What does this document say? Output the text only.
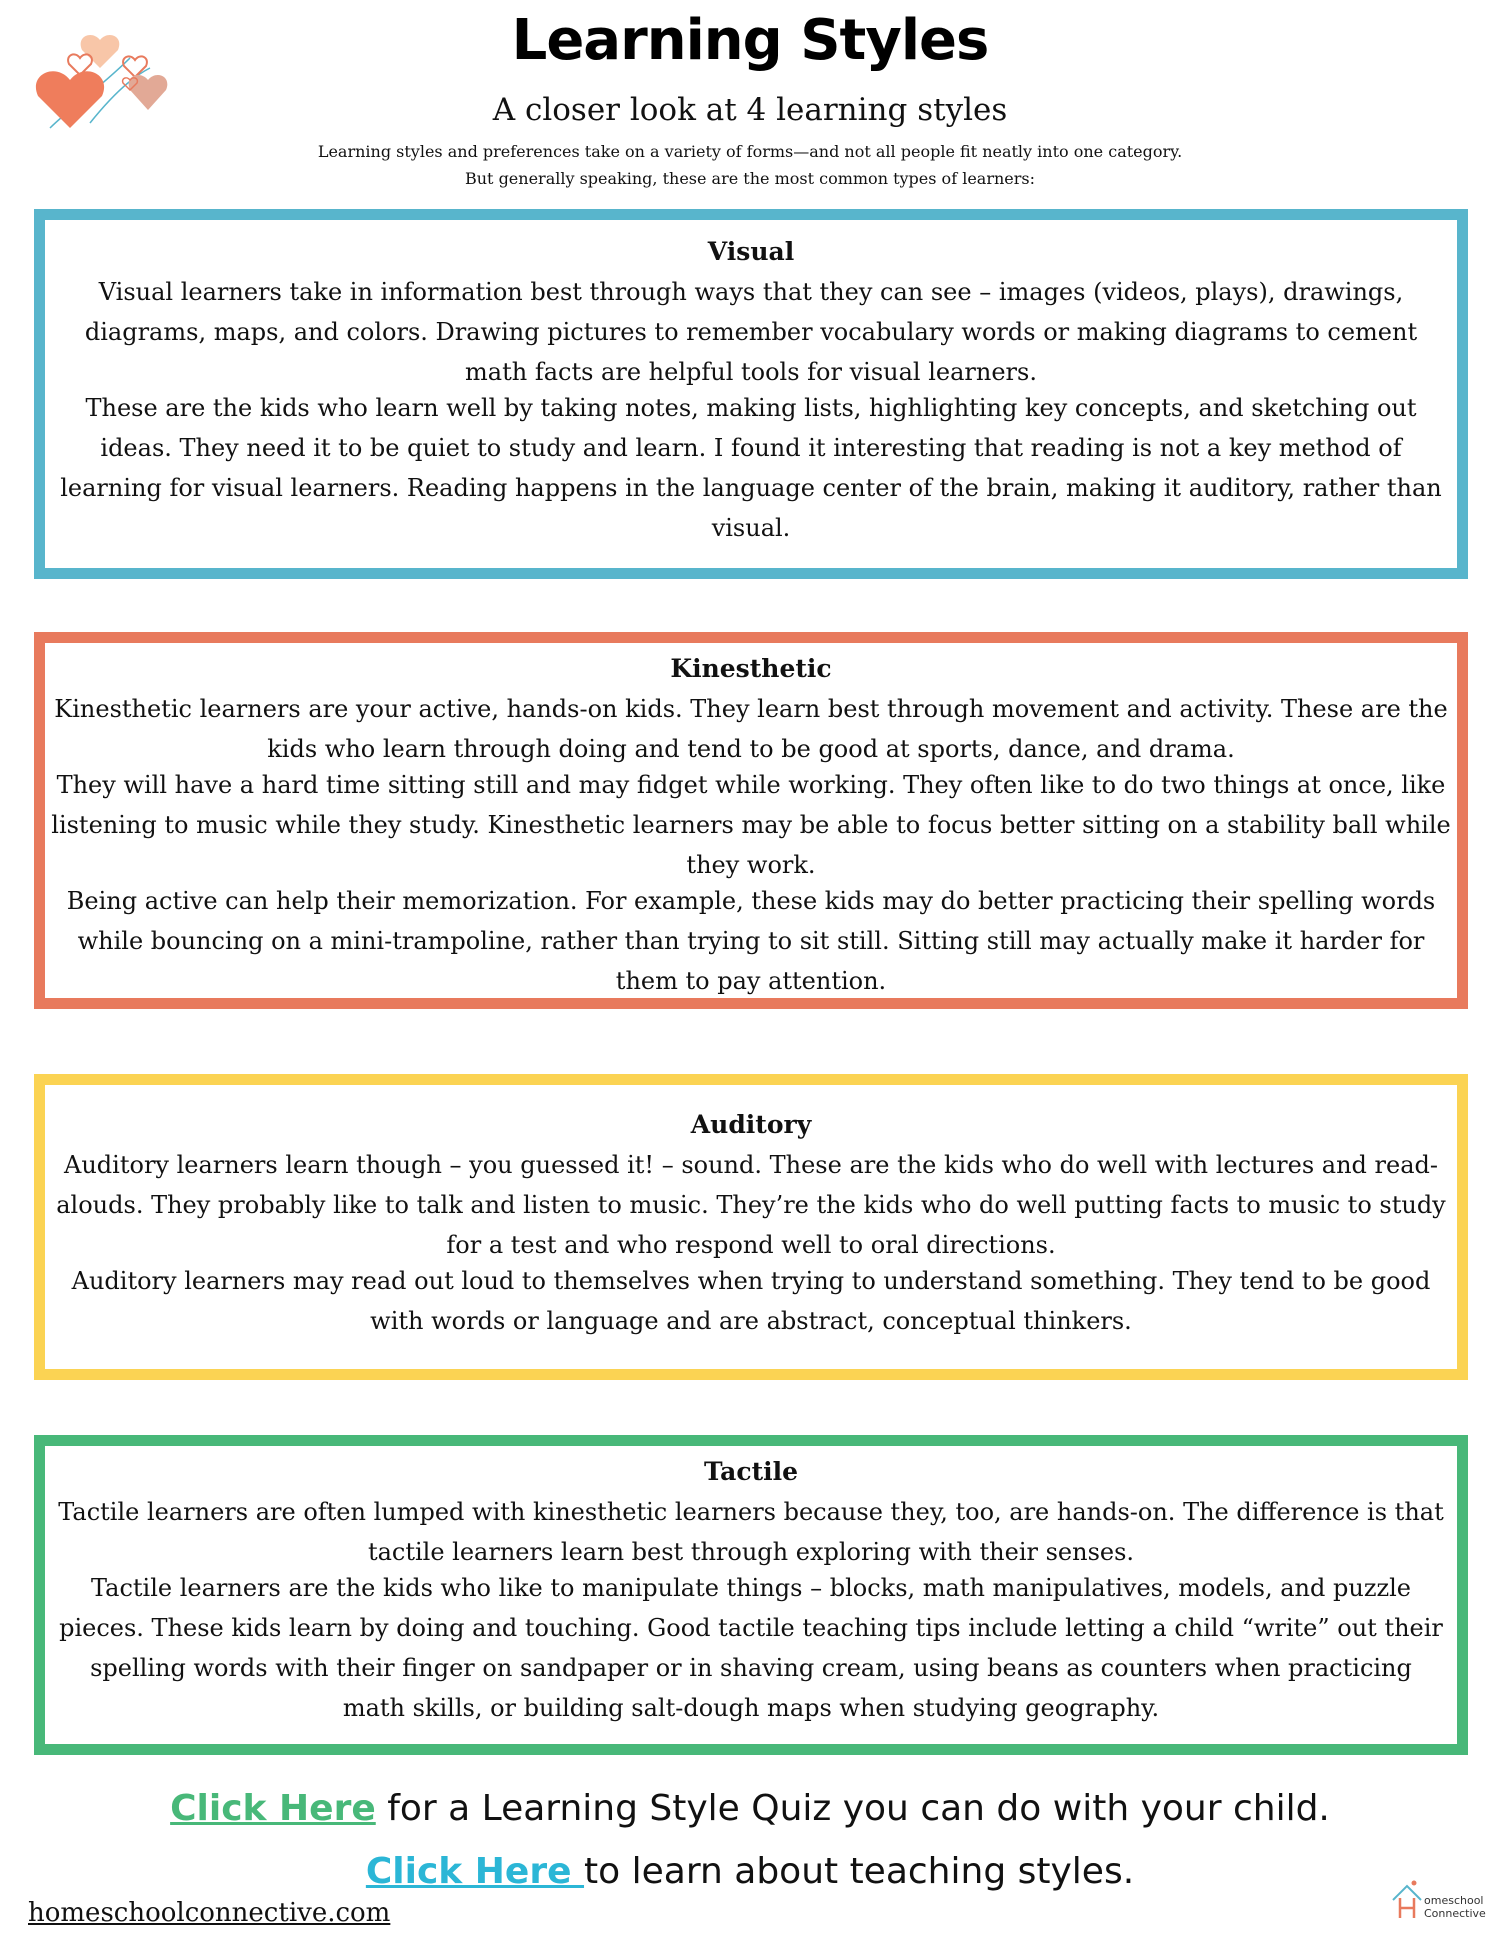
Learning Styles
A closer look at 4 learning styles
Learning styles and preferences take on a variety of forms—and not all people fit neatly into one category.
But generally speaking, these are the most common types of learners:
Visual

Visual learners take in information best through ways that they can see – images (videos, plays), drawings, diagrams, maps, and colors. Drawing pictures to remember vocabulary words or making diagrams to cement math facts are helpful tools for visual learners.

These are the kids who learn well by taking notes, making lists, highlighting key concepts, and sketching out ideas. They need it to be quiet to study and learn. I found it interesting that reading is not a key method of learning for visual learners. Reading happens in the language center of the brain, making it auditory, rather than visual.

Kinesthetic

Kinesthetic learners are your active, hands-on kids. They learn best through movement and activity. These are the kids who learn through doing and tend to be good at sports, dance, and drama.

They will have a hard time sitting still and may fidget while working. They often like to do two things at once, like listening to music while they study. Kinesthetic learners may be able to focus better sitting on a stability ball while they work.

Being active can help their memorization. For example, these kids may do better practicing their spelling words while bouncing on a mini-trampoline, rather than trying to sit still. Sitting still may actually make it harder for them to pay attention.

Auditory

Auditory learners learn though – you guessed it! – sound. These are the kids who do well with lectures and read-alouds. They probably like to talk and listen to music. They’re the kids who do well putting facts to music to study for a test and who respond well to oral directions.

Auditory learners may read out loud to themselves when trying to understand something. They tend to be good with words or language and are abstract, conceptual thinkers.

Tactile

Tactile learners are often lumped with kinesthetic learners because they, too, are hands-on. The difference is that tactile learners learn best through exploring with their senses.

Tactile learners are the kids who like to manipulate things – blocks, math manipulatives, models, and puzzle pieces. These kids learn by doing and touching. Good tactile teaching tips include letting a child “write” out their spelling words with their finger on sandpaper or in shaving cream, using beans as counters when practicing math skills, or building salt-dough maps when studying geography.

Click Here for a Learning Style Quiz you can do with your child.
Click Here to learn about teaching styles.
homeschoolconnective.com	omeschool
Connective
